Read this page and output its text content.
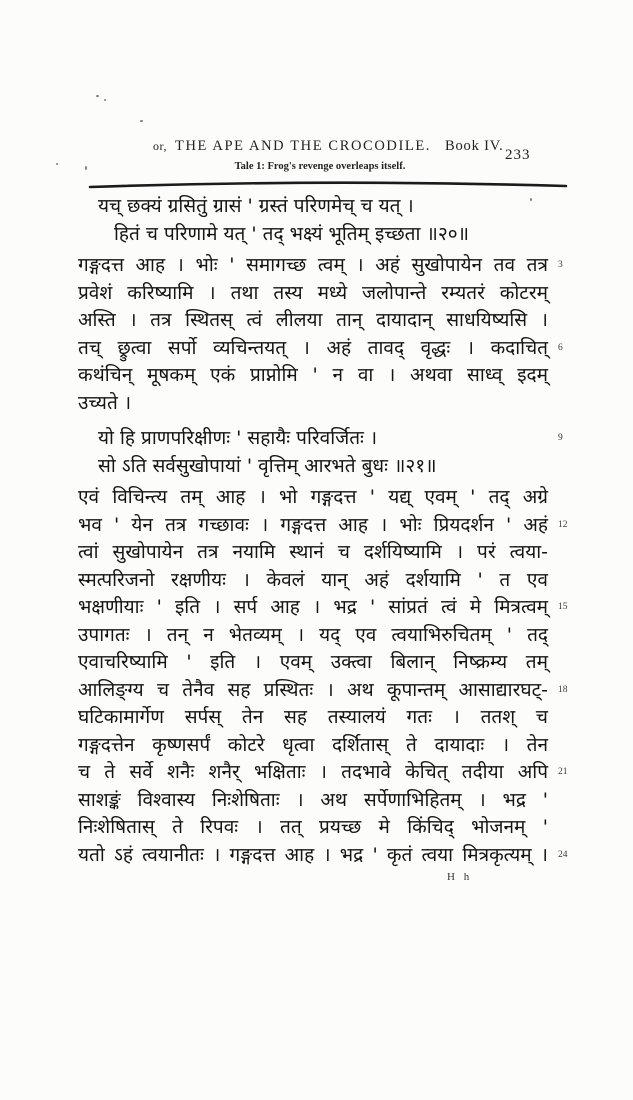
or, THE APE AND THE CROCODILE. Book IV.
233
Tale 1: Frog's revenge overleaps itself.
यच् छक्यं ग्रसितुं ग्रासं ' ग्रस्तं परिणमेच् च यत् ।
हितं च परिणामे यत् ' तद् भक्ष्यं भूतिम् इच्छता ॥२०॥
गङ्गदत्त आह । भोः ' समागच्छ त्वम् । अहं सुखोपायेन तव तत्र 3
प्रवेशं करिष्यामि । तथा तस्य मध्ये जलोपान्ते रम्यतरं कोटरम्
अस्ति । तत्र स्थितस् त्वं लीलया तान् दायादान् साधयिष्यसि ।
तच् छ्रुत्वा सर्पो व्यचिन्तयत् । अहं तावद् वृद्धः । कदाचित् 6
कथंचिन् मूषकम् एकं प्राप्नोमि ' न वा । अथवा साध्व् इदम्
उच्यते ।
यो हि प्राणपरिक्षीणः ' सहायैः परिवर्जितः ।	9
सो ऽति सर्वसुखोपायां ' वृत्तिम् आरभते बुधः ॥२१॥
एवं विचिन्त्य तम् आह । भो गङ्गदत्त ' यद्य् एवम् ' तद् अग्रे
भव ' येन तत्र गच्छावः । गङ्गदत्त आह । भोः प्रियदर्शन ' अहं 12
त्वां सुखोपायेन तत्र नयामि स्थानं च दर्शयिष्यामि । परं त्वया-
स्मत्परिजनो रक्षणीयः । केवलं यान् अहं दर्शयामि ' त एव
भक्षणीयाः ' इति । सर्प आह । भद्र ' सांप्रतं त्वं मे मित्रत्वम् 15
उपागतः । तन् न भेतव्यम् । यद् एव त्वयाभिरुचितम् ' तद्
एवाचरिष्यामि ' इति । एवम् उक्त्वा बिलान् निष्क्रम्य तम्
आलिङ्ग्य च तेनैव सह प्रस्थितः । अथ कूपान्तम् आसाद्यारघट्- 18
घटिकामार्गेण सर्पस् तेन सह तस्यालयं गतः । ततश् च
गङ्गदत्तेन कृष्णसर्पं कोटरे धृत्वा दर्शितास् ते दायादाः । तेन
च ते सर्वे शनैः शनैर् भक्षिताः । तदभावे केचित् तदीया अपि 21
साशङ्कं विश्वास्य निःशेषिताः । अथ सर्पेणाभिहितम् । भद्र '
निःशेषितास् ते रिपवः । तत् प्रयच्छ मे किंचिद् भोजनम् '
यतो ऽहं त्वयानीतः । गङ्गदत्त आह । भद्र ' कृतं त्वया मित्रकृत्यम् । 24
H h
